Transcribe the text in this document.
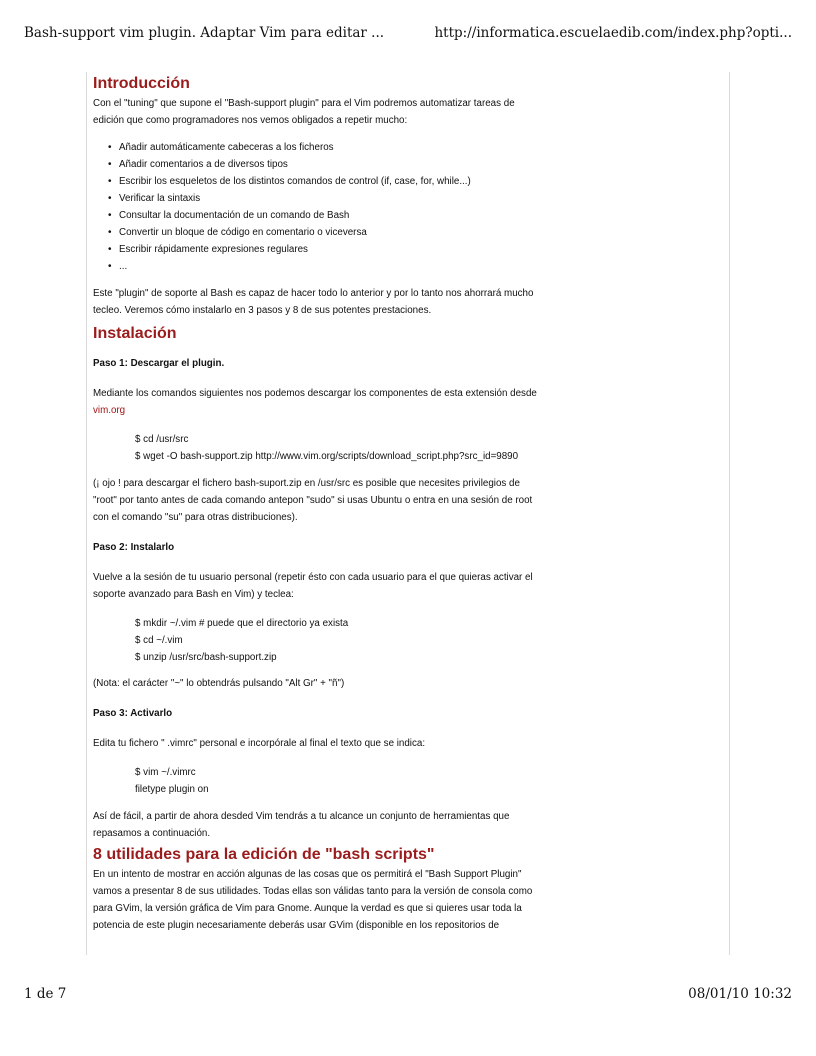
Bash-support vim plugin. Adaptar Vim para editar ...	http://informatica.escuelaedib.com/index.php?opti...
Introducción

Con el "tuning" que supone el "Bash-support plugin" para el Vim podremos automatizar tareas de
edición que como programadores nos vemos obligados a repetir mucho:

• Añadir automáticamente cabeceras a los ficheros
• Añadir comentarios a de diversos tipos
• Escribir los esqueletos de los distintos comandos de control (if, case, for, while...)
• Verificar la sintaxis
• Consultar la documentación de un comando de Bash
• Convertir un bloque de código en comentario o viceversa
• Escribir rápidamente expresiones regulares
• ...

Este "plugin" de soporte al Bash es capaz de hacer todo lo anterior y por lo tanto nos ahorrará mucho
tecleo. Veremos cómo instalarlo en 3 pasos y 8 de sus potentes prestaciones.

Instalación

Paso 1: Descargar el plugin.

Mediante los comandos siguientes nos podemos descargar los componentes de esta extensión desde
vim.org

$ cd /usr/src
$ wget -O bash-support.zip http://www.vim.org/scripts/download_script.php?src_id=9890

(¡ ojo ! para descargar el fichero bash-suport.zip en /usr/src es posible que necesites privilegios de
"root" por tanto antes de cada comando antepon "sudo" si usas Ubuntu o entra en una sesión de root
con el comando "su" para otras distribuciones).

Paso 2: Instalarlo

Vuelve a la sesión de tu usuario personal (repetir ésto con cada usuario para el que quieras activar el
soporte avanzado para Bash en Vim) y teclea:

$ mkdir ~/.vim # puede que el directorio ya exista
$ cd ~/.vim
$ unzip /usr/src/bash-support.zip

(Nota: el carácter "~" lo obtendrás pulsando "Alt Gr" + "ñ")

Paso 3: Activarlo

Edita tu fichero " .vimrc" personal e incorpórale al final el texto que se indica:

$ vim ~/.vimrc
filetype plugin on

Así de fácil, a partir de ahora desded Vim tendrás a tu alcance un conjunto de herramientas que
repasamos a continuación.

8 utilidades para la edición de "bash scripts"

En un intento de mostrar en acción algunas de las cosas que os permitirá el "Bash Support Plugin"
vamos a presentar 8 de sus utilidades. Todas ellas son válidas tanto para la versión de consola como
para GVim, la versión gráfica de Vim para Gnome. Aunque la verdad es que si quieres usar toda la
potencia de este plugin necesariamente deberás usar GVim (disponible en los repositorios de

1 de 7	08/01/10 10:32
